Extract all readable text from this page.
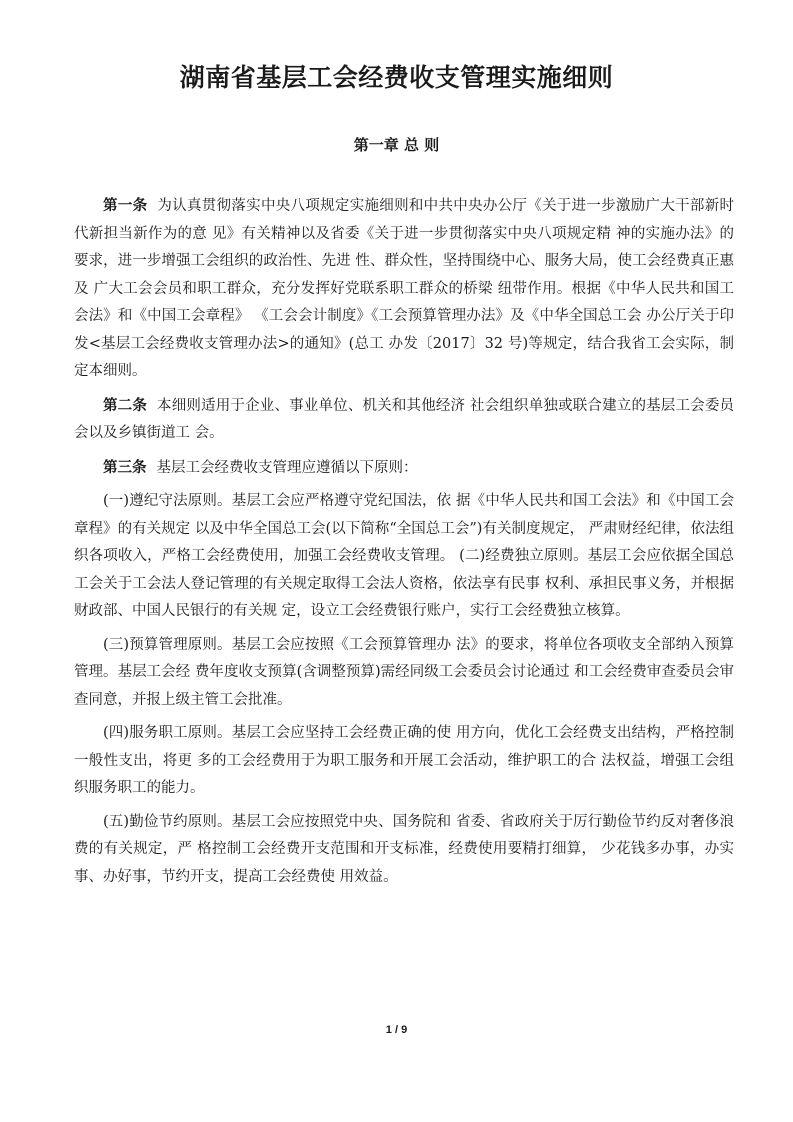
湖南省基层工会经费收支管理实施细则
第一章 总 则

第一条 为认真贯彻落实中央八项规定实施细则和中共中央办公厅《关于进一步激励广大干部新时代新担当新作为的意 见》有关精神以及省委《关于进一步贯彻落实中央八项规定精 神的实施办法》的要求，进一步增强工会组织的政治性、先进 性、群众性，坚持围绕中心、服务大局，使工会经费真正惠及 广大工会会员和职工群众，充分发挥好党联系职工群众的桥梁 纽带作用。根据《中华人民共和国工会法》和《中国工会章程》 《工会会计制度》《工会预算管理办法》及《中华全国总工会 办公厅关于印发<基层工会经费收支管理办法>的通知》(总工 办发〔2017〕32 号)等规定，结合我省工会实际，制定本细则。

第二条 本细则适用于企业、事业单位、机关和其他经济 社会组织单独或联合建立的基层工会委员会以及乡镇街道工 会。

第三条 基层工会经费收支管理应遵循以下原则：

(一)遵纪守法原则。基层工会应严格遵守党纪国法，依 据《中华人民共和国工会法》和《中国工会章程》的有关规定 以及中华全国总工会(以下简称“全国总工会”)有关制度规定， 严肃财经纪律，依法组织各项收入，严格工会经费使用，加强工会经费收支管理。 (二)经费独立原则。基层工会应依据全国总工会关于工会法人登记管理的有关规定取得工会法人资格，依法享有民事 权利、承担民事义务，并根据财政部、中国人民银行的有关规 定，设立工会经费银行账户，实行工会经费独立核算。

(三)预算管理原则。基层工会应按照《工会预算管理办 法》的要求，将单位各项收支全部纳入预算管理。基层工会经 费年度收支预算(含调整预算)需经同级工会委员会讨论通过 和工会经费审查委员会审查同意，并报上级主管工会批准。

(四)服务职工原则。基层工会应坚持工会经费正确的使 用方向，优化工会经费支出结构，严格控制一般性支出，将更 多的工会经费用于为职工服务和开展工会活动，维护职工的合 法权益，增强工会组织服务职工的能力。

(五)勤俭节约原则。基层工会应按照党中央、国务院和 省委、省政府关于厉行勤俭节约反对奢侈浪费的有关规定，严 格控制工会经费开支范围和开支标准，经费使用要精打细算， 少花钱多办事，办实事、办好事，节约开支，提高工会经费使 用效益。

1 / 9
